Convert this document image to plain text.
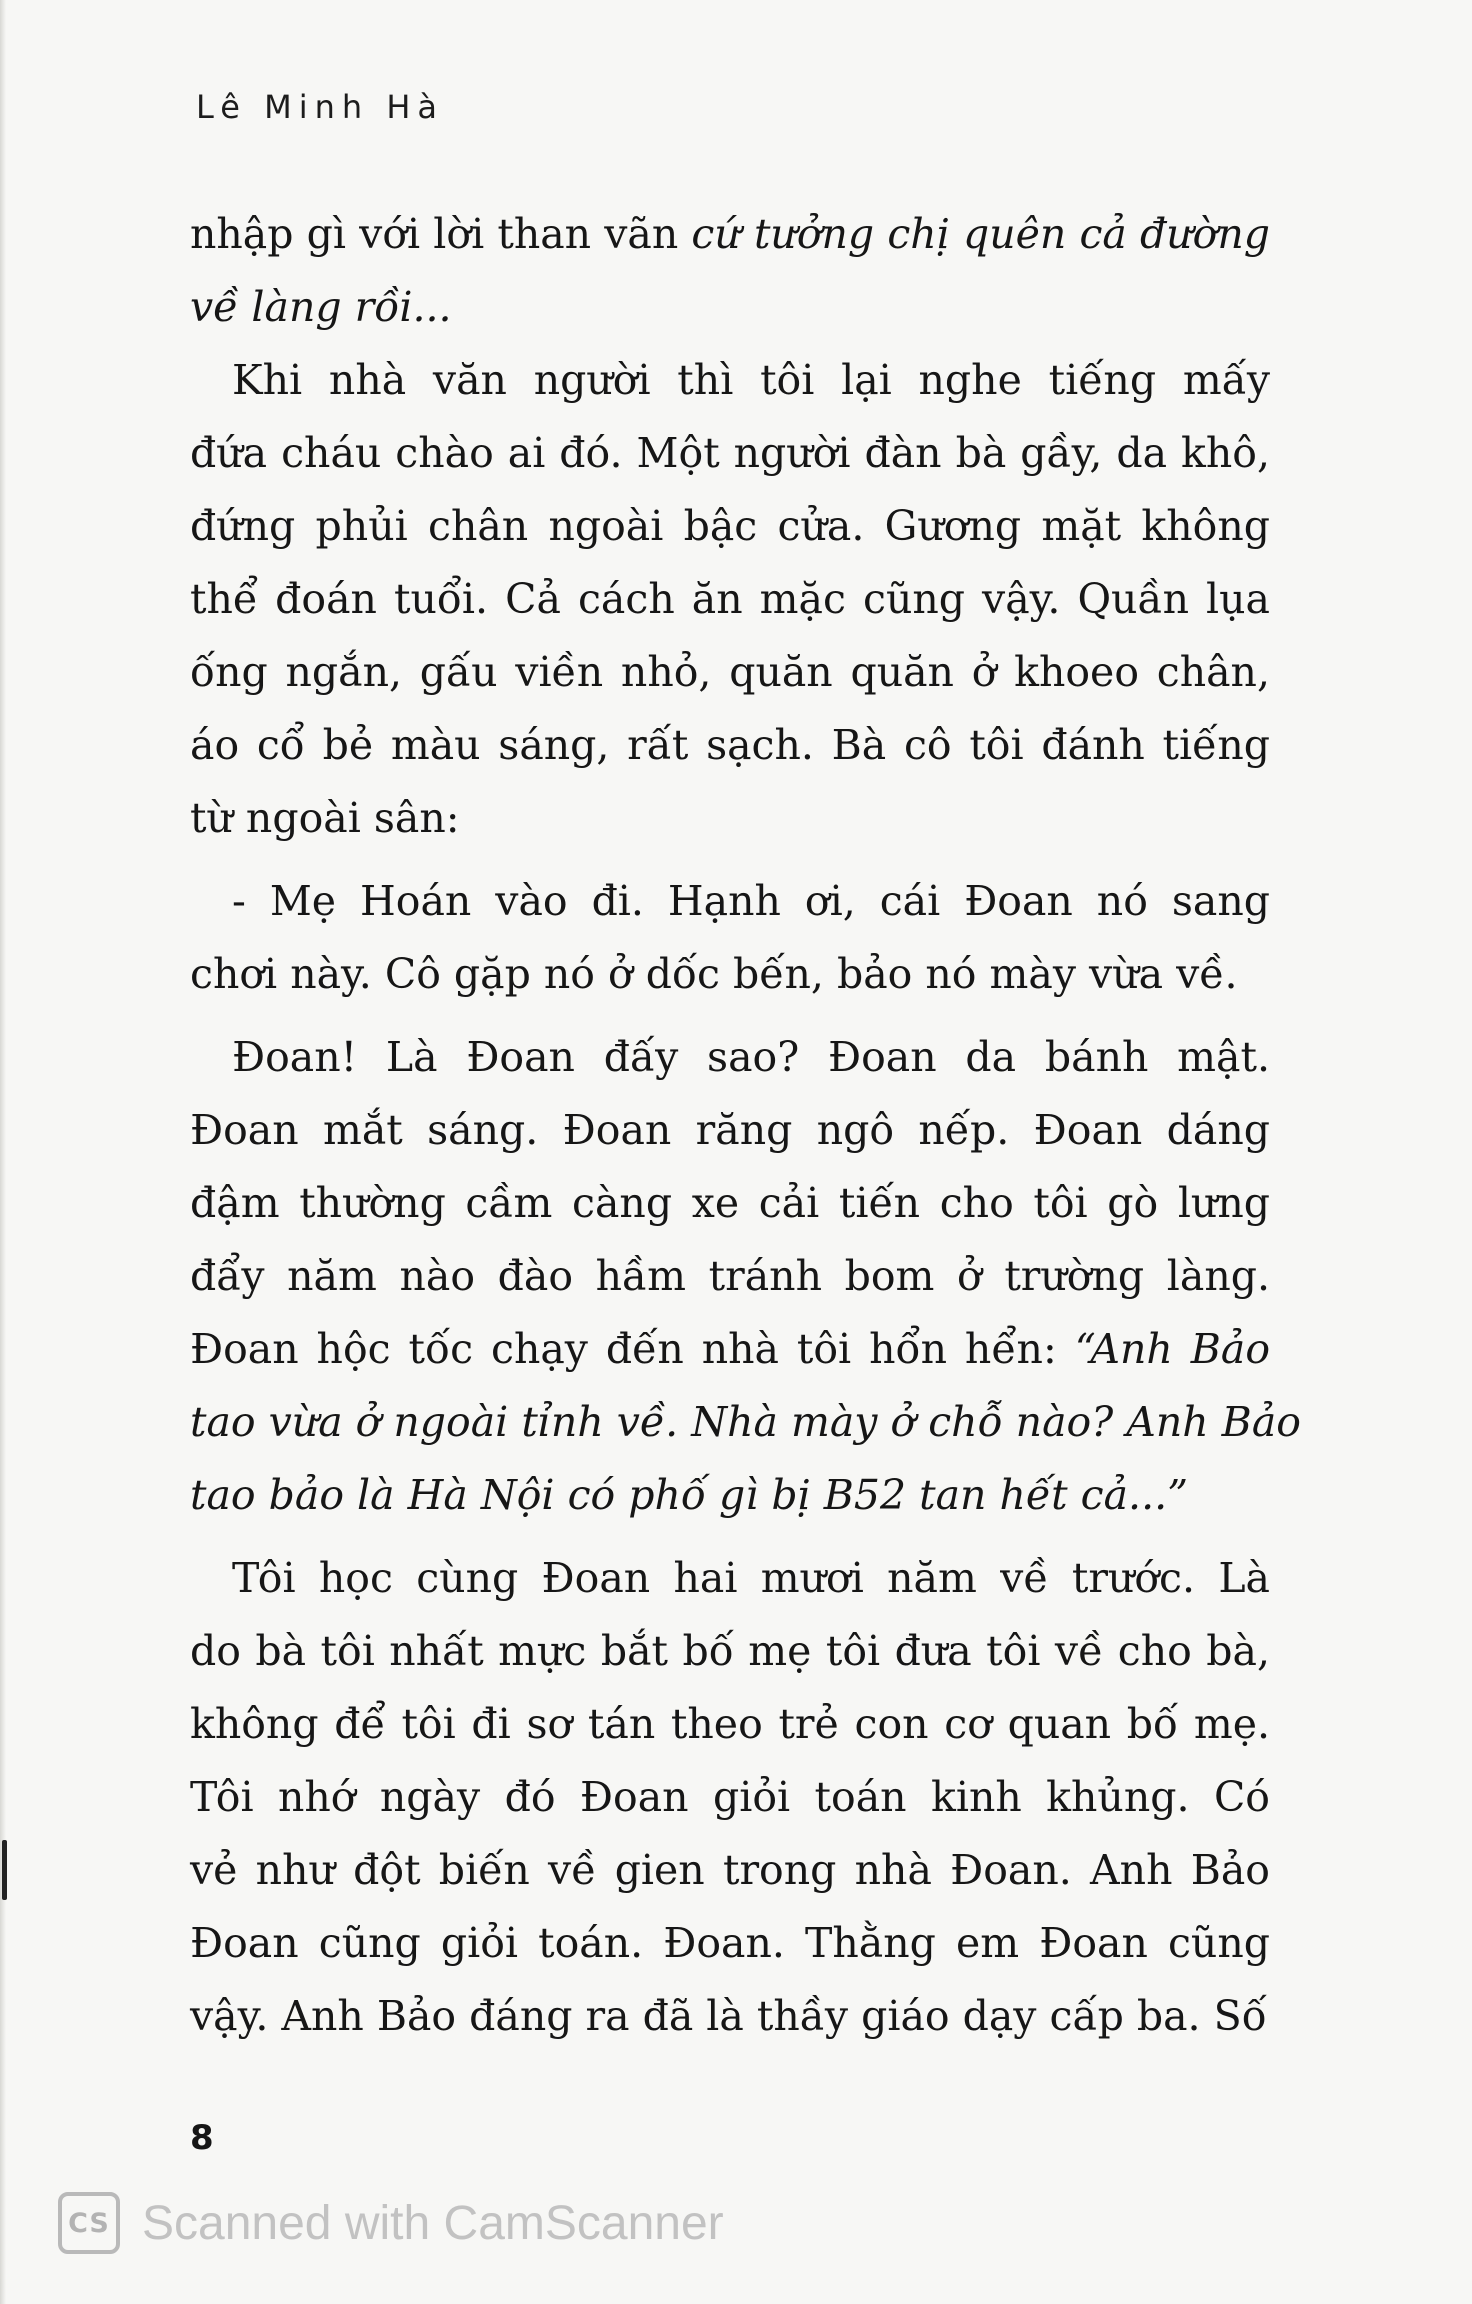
Lê Minh Hà
nhập gì với lời than vãn cứ tưởng chị quên cả đường
về làng rồi...
Khi nhà văn người thì tôi lại nghe tiếng mấy
đứa cháu chào ai đó. Một người đàn bà gầy, da khô,
đứng phủi chân ngoài bậc cửa. Gương mặt không
thể đoán tuổi. Cả cách ăn mặc cũng vậy. Quần lụa
ống ngắn, gấu viền nhỏ, quăn quăn ở khoeo chân,
áo cổ bẻ màu sáng, rất sạch. Bà cô tôi đánh tiếng
từ ngoài sân:
- Mẹ Hoán vào đi. Hạnh ơi, cái Đoan nó sang
chơi này. Cô gặp nó ở dốc bến, bảo nó mày vừa về.
Đoan! Là Đoan đấy sao? Đoan da bánh mật.
Đoan mắt sáng. Đoan răng ngô nếp. Đoan dáng
đậm thường cầm càng xe cải tiến cho tôi gò lưng
đẩy năm nào đào hầm tránh bom ở trường làng.
Đoan hộc tốc chạy đến nhà tôi hổn hển: “Anh Bảo
tao vừa ở ngoài tỉnh về. Nhà mày ở chỗ nào? Anh Bảo
tao bảo là Hà Nội có phố gì bị B52 tan hết cả...”
Tôi học cùng Đoan hai mươi năm về trước. Là
do bà tôi nhất mực bắt bố mẹ tôi đưa tôi về cho bà,
không để tôi đi sơ tán theo trẻ con cơ quan bố mẹ.
Tôi nhớ ngày đó Đoan giỏi toán kinh khủng. Có
vẻ như đột biến về gien trong nhà Đoan. Anh Bảo
Đoan cũng giỏi toán. Đoan. Thằng em Đoan cũng
vậy. Anh Bảo đáng ra đã là thầy giáo dạy cấp ba. Số
8
CS Scanned with CamScanner
